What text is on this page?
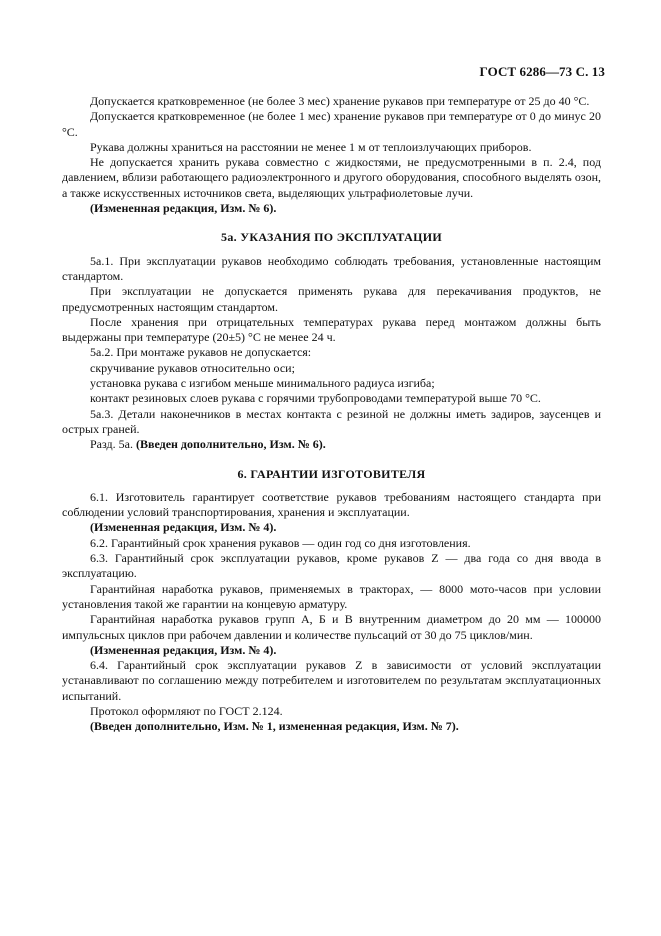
ГОСТ 6286—73 С. 13

Допускается кратковременное (не более 3 мес) хранение рукавов при температуре от 25 до 40 °С.

Допускается кратковременное (не более 1 мес) хранение рукавов при температуре от 0 до минус 20 °С.

Рукава должны храниться на расстоянии не менее 1 м от теплоизлучающих приборов.

Не допускается хранить рукава совместно с жидкостями, не предусмотренными в п. 2.4, под давлением, вблизи работающего радиоэлектронного и другого оборудования, способного выделять озон, а также искусственных источников света, выделяющих ультрафиолетовые лучи.

(Измененная редакция, Изм. № 6).

5а. УКАЗАНИЯ ПО ЭКСПЛУАТАЦИИ

5а.1. При эксплуатации рукавов необходимо соблюдать требования, установленные настоящим стандартом.

При эксплуатации не допускается применять рукава для перекачивания продуктов, не предусмотренных настоящим стандартом.

После хранения при отрицательных температурах рукава перед монтажом должны быть выдержаны при температуре (20±5) °С не менее 24 ч.

5а.2. При монтаже рукавов не допускается:

скручивание рукавов относительно оси;

установка рукава с изгибом меньше минимального радиуса изгиба;

контакт резиновых слоев рукава с горячими трубопроводами температурой выше 70 °С.

5а.3. Детали наконечников в местах контакта с резиной не должны иметь задиров, заусенцев и острых граней.

Разд. 5а. (Введен дополнительно, Изм. № 6).

6. ГАРАНТИИ ИЗГОТОВИТЕЛЯ

6.1. Изготовитель гарантирует соответствие рукавов требованиям настоящего стандарта при соблюдении условий транспортирования, хранения и эксплуатации.

(Измененная редакция, Изм. № 4).

6.2. Гарантийный срок хранения рукавов — один год со дня изготовления.

6.3. Гарантийный срок эксплуатации рукавов, кроме рукавов Z — два года со дня ввода в эксплуатацию.

Гарантийная наработка рукавов, применяемых в тракторах, — 8000 мото-часов при условии установления такой же гарантии на концевую арматуру.

Гарантийная наработка рукавов групп А, Б и В внутренним диаметром до 20 мм — 100000 импульсных циклов при рабочем давлении и количестве пульсаций от 30 до 75 циклов/мин.

(Измененная редакция, Изм. № 4).

6.4. Гарантийный срок эксплуатации рукавов Z в зависимости от условий эксплуатации устанавливают по соглашению между потребителем и изготовителем по результатам эксплуатационных испытаний.

Протокол оформляют по ГОСТ 2.124.

(Введен дополнительно, Изм. № 1, измененная редакция, Изм. № 7).
